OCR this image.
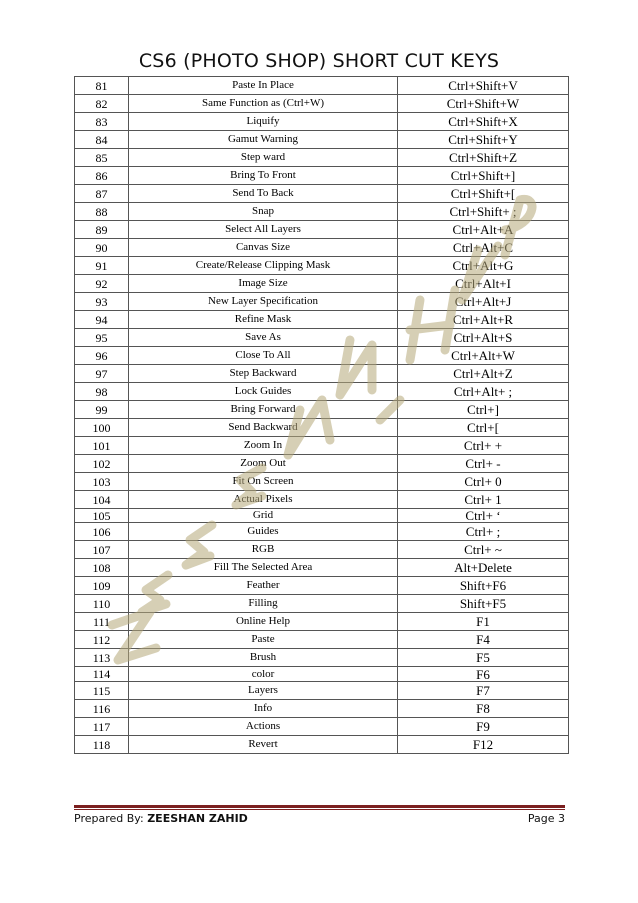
CS6 (PHOTO SHOP) SHORT CUT KEYS
81	Paste In Place	Ctrl+Shift+V
82	Same Function as (Ctrl+W)	Ctrl+Shift+W
83	Liquify	Ctrl+Shift+X
84	Gamut Warning	Ctrl+Shift+Y
85	Step ward	Ctrl+Shift+Z
86	Bring To Front	Ctrl+Shift+]
87	Send To Back	Ctrl+Shift+[
88	Snap	Ctrl+Shift+ ;
89	Select All Layers	Ctrl+Alt+A
90	Canvas Size	Ctrl+Alt+C
91	Create/Release Clipping Mask	Ctrl+Alt+G
92	Image Size	Ctrl+Alt+I
93	New Layer Specification	Ctrl+Alt+J
94	Refine Mask	Ctrl+Alt+R
95	Save As	Ctrl+Alt+S
96	Close To All	Ctrl+Alt+W
97	Step Backward	Ctrl+Alt+Z
98	Lock Guides	Ctrl+Alt+ ;
99	Bring Forward	Ctrl+]
100	Send Backward	Ctrl+[
101	Zoom In	Ctrl+ +
102	Zoom Out	Ctrl+ -
103	Fit On Screen	Ctrl+ 0
104	Actual Pixels	Ctrl+ 1
105	Grid	Ctrl+ ‘
106	Guides	Ctrl+ ;
107	RGB	Ctrl+ ~
108	Fill The Selected Area	Alt+Delete
109	Feather	Shift+F6
110	Filling	Shift+F5
111	Online Help	F1
112	Paste	F4
113	Brush	F5
114	color	F6
115	Layers	F7
116	Info	F8
117	Actions	F9
118	Revert	F12
Prepared By: ZEESHAN ZAHID	Page 3
